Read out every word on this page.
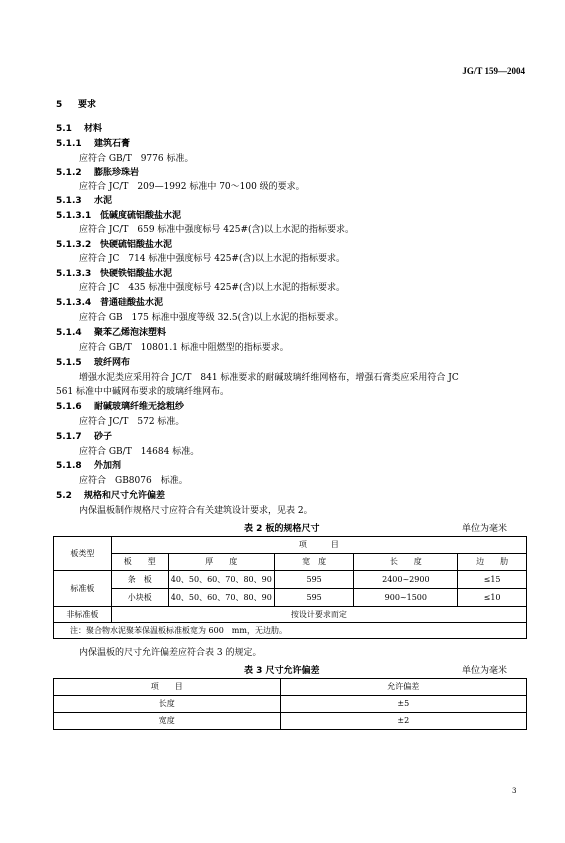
JG/T 159—2004
5 要求
5.1 材料
5.1.1 建筑石膏
应符合 GB/T　9776 标准。
5.1.2 膨胀珍珠岩
应符合 JC/T　209—1992 标准中 70～100 级的要求。
5.1.3 水泥
5.1.3.1 低碱度硫铝酸盐水泥
应符合 JC/T　659 标准中强度标号 425#(含)以上水泥的指标要求。
5.1.3.2 快硬硫铝酸盐水泥
应符合 JC　714 标准中强度标号 425#(含)以上水泥的指标要求。
5.1.3.3 快硬铁铝酸盐水泥
应符合 JC　435 标准中强度标号 425#(含)以上水泥的指标要求。
5.1.3.4 普通硅酸盐水泥
应符合 GB　175 标准中强度等级 32.5(含)以上水泥的指标要求。
5.1.4 聚苯乙烯泡沫塑料
应符合 GB/T　10801.1 标准中阻燃型的指标要求。
5.1.5 玻纤网布
增强水泥类应采用符合 JC/T　841 标准要求的耐碱玻璃纤维网格布，增强石膏类应采用符合 JC
561 标准中中碱网布要求的玻璃纤维网布。
5.1.6 耐碱玻璃纤维无捻粗纱
应符合 JC/T　572 标准。
5.1.7 砂子
应符合 GB/T　14684 标准。
5.1.8 外加剂
应符合　GB8076　标准。
5.2 规格和尺寸允许偏差
内保温板制作规格尺寸应符合有关建筑设计要求，见表 2。
表 2 板的规格尺寸	单位为毫米
板类型	项　　　目				
	板　　型	厚　　度	宽　度	长　　度	边　　肋
标准板	条　板	40、50、60、70、80、90	595	2400~2900	≤15
	小块板	40、50、60、70、80、90	595	900~1500	≤10
非标准板	按设计要求而定				
注：聚合物水泥聚苯保温板标准板宽为 600　mm，无边肋。					
内保温板的尺寸允许偏差应符合表 3 的规定。
表 3 尺寸允许偏差	单位为毫米
项　　目	允许偏差
长度	±5
宽度	±2
3
